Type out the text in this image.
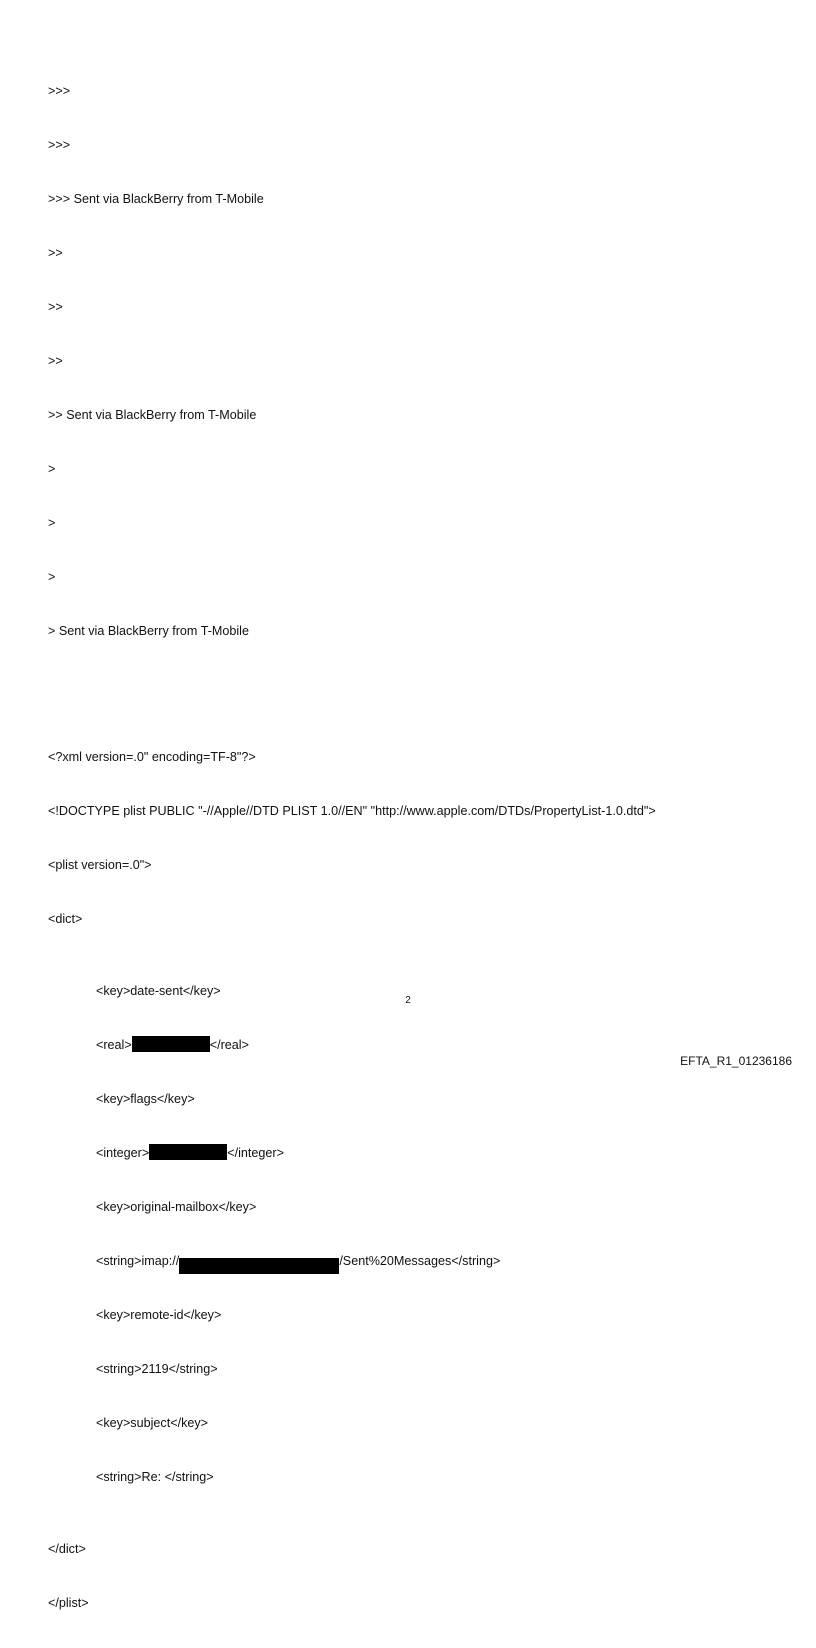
>>>

>>>

>>> Sent via BlackBerry from T-Mobile

>>

>>

>>

>> Sent via BlackBerry from T-Mobile

>

>

>

> Sent via BlackBerry from T-Mobile

<?xml version=.0" encoding=TF-8"?>

<!DOCTYPE plist PUBLIC "-//Apple//DTD PLIST 1.0//EN" "http://www.apple.com/DTDs/PropertyList-1.0.dtd">

<plist version=.0">

<dict>

<key>date-sent</key>

<real>	</real>

<key>flags</key>

<integer>	</integer>

<key>original-mailbox</key>

<string>imap://	/Sent%20Messages</string>

<key>remote-id</key>

<string>2119</string>

<key>subject</key>

<string>Re: </string>

</dict>

</plist>

2
EFTA_R1_01236186
